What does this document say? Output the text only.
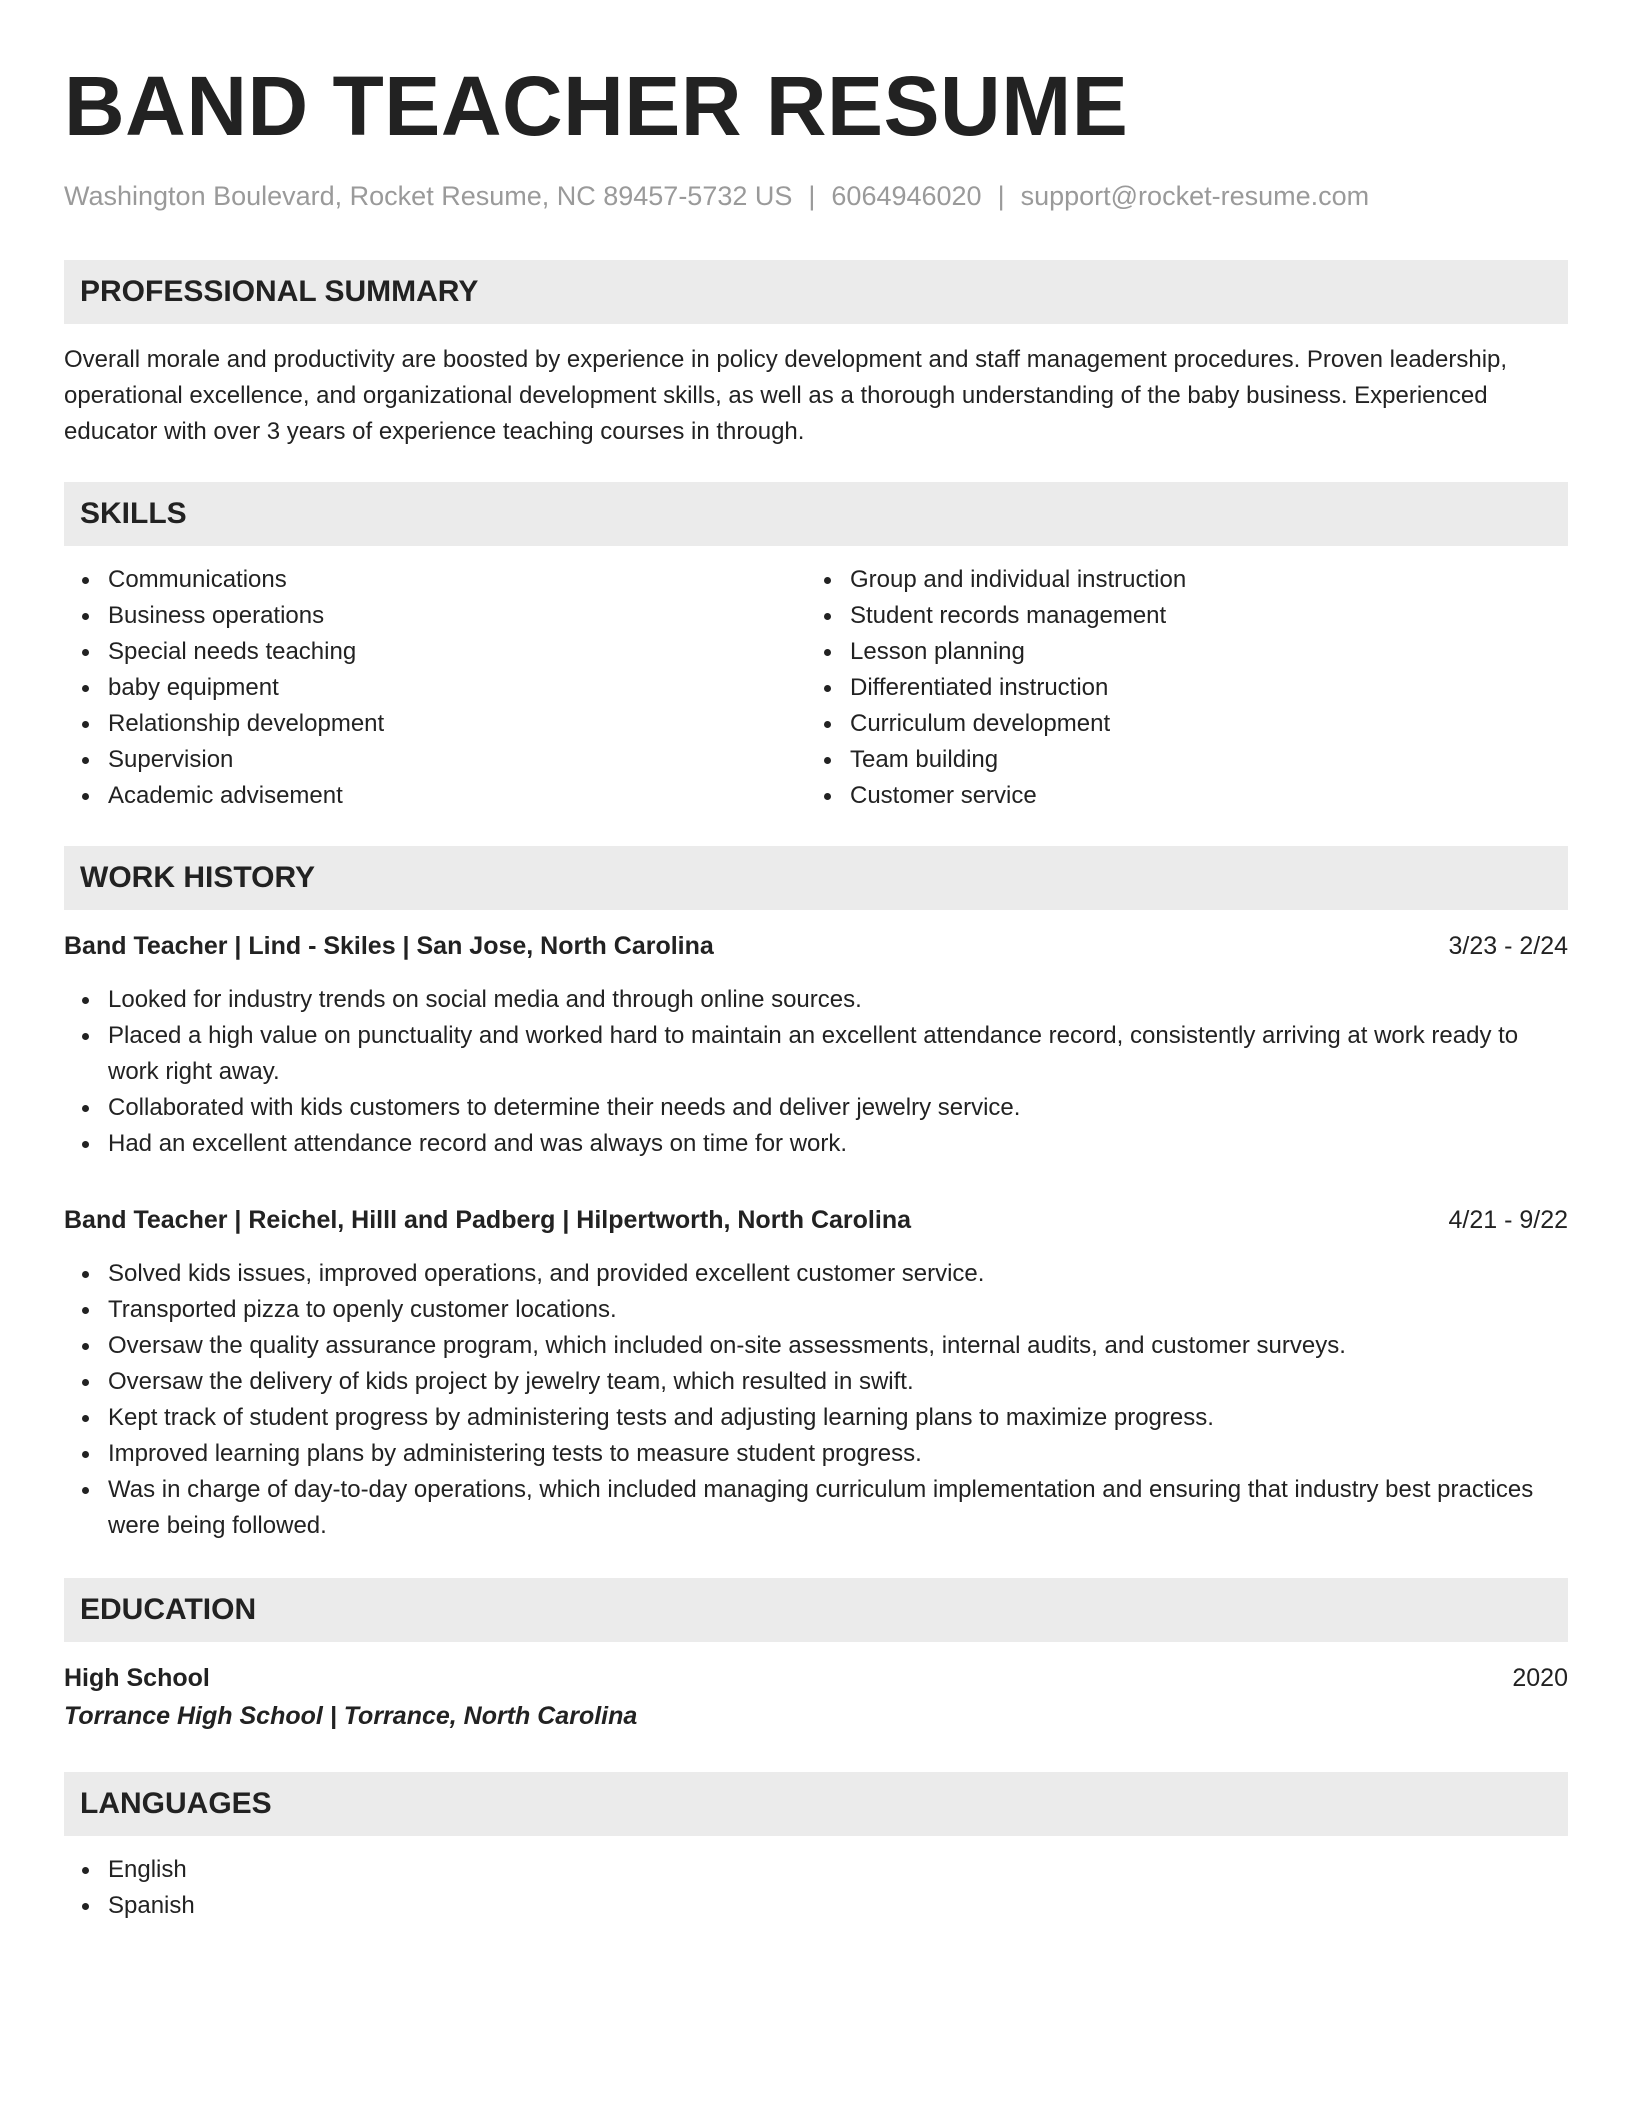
BAND TEACHER RESUME
Washington Boulevard, Rocket Resume, NC 89457-5732 US | 6064946020 | support@rocket-resume.com
PROFESSIONAL SUMMARY

Overall morale and productivity are boosted by experience in policy development and staff management procedures. Proven leadership, operational excellence, and organizational development skills, as well as a thorough understanding of the baby business. Experienced educator with over 3 years of experience teaching courses in through.

SKILLS
Communications
Business operations
Special needs teaching
baby equipment
Relationship development
Supervision
Academic advisement
Group and individual instruction
Student records management
Lesson planning
Differentiated instruction
Curriculum development
Team building
Customer service
WORK HISTORY
Band Teacher | Lind - Skiles | San Jose, North Carolina	3/23 - 2/24
Looked for industry trends on social media and through online sources.
Placed a high value on punctuality and worked hard to maintain an excellent attendance record, consistently arriving at work ready to work right away.
Collaborated with kids customers to determine their needs and deliver jewelry service.
Had an excellent attendance record and was always on time for work.
Band Teacher | Reichel, Hilll and Padberg | Hilpertworth, North Carolina	4/21 - 9/22
Solved kids issues, improved operations, and provided excellent customer service.
Transported pizza to openly customer locations.
Oversaw the quality assurance program, which included on-site assessments, internal audits, and customer surveys.
Oversaw the delivery of kids project by jewelry team, which resulted in swift.
Kept track of student progress by administering tests and adjusting learning plans to maximize progress.
Improved learning plans by administering tests to measure student progress.
Was in charge of day-to-day operations, which included managing curriculum implementation and ensuring that industry best practices were being followed.
EDUCATION
High School	2020
Torrance High School | Torrance, North Carolina
LANGUAGES
English
Spanish
